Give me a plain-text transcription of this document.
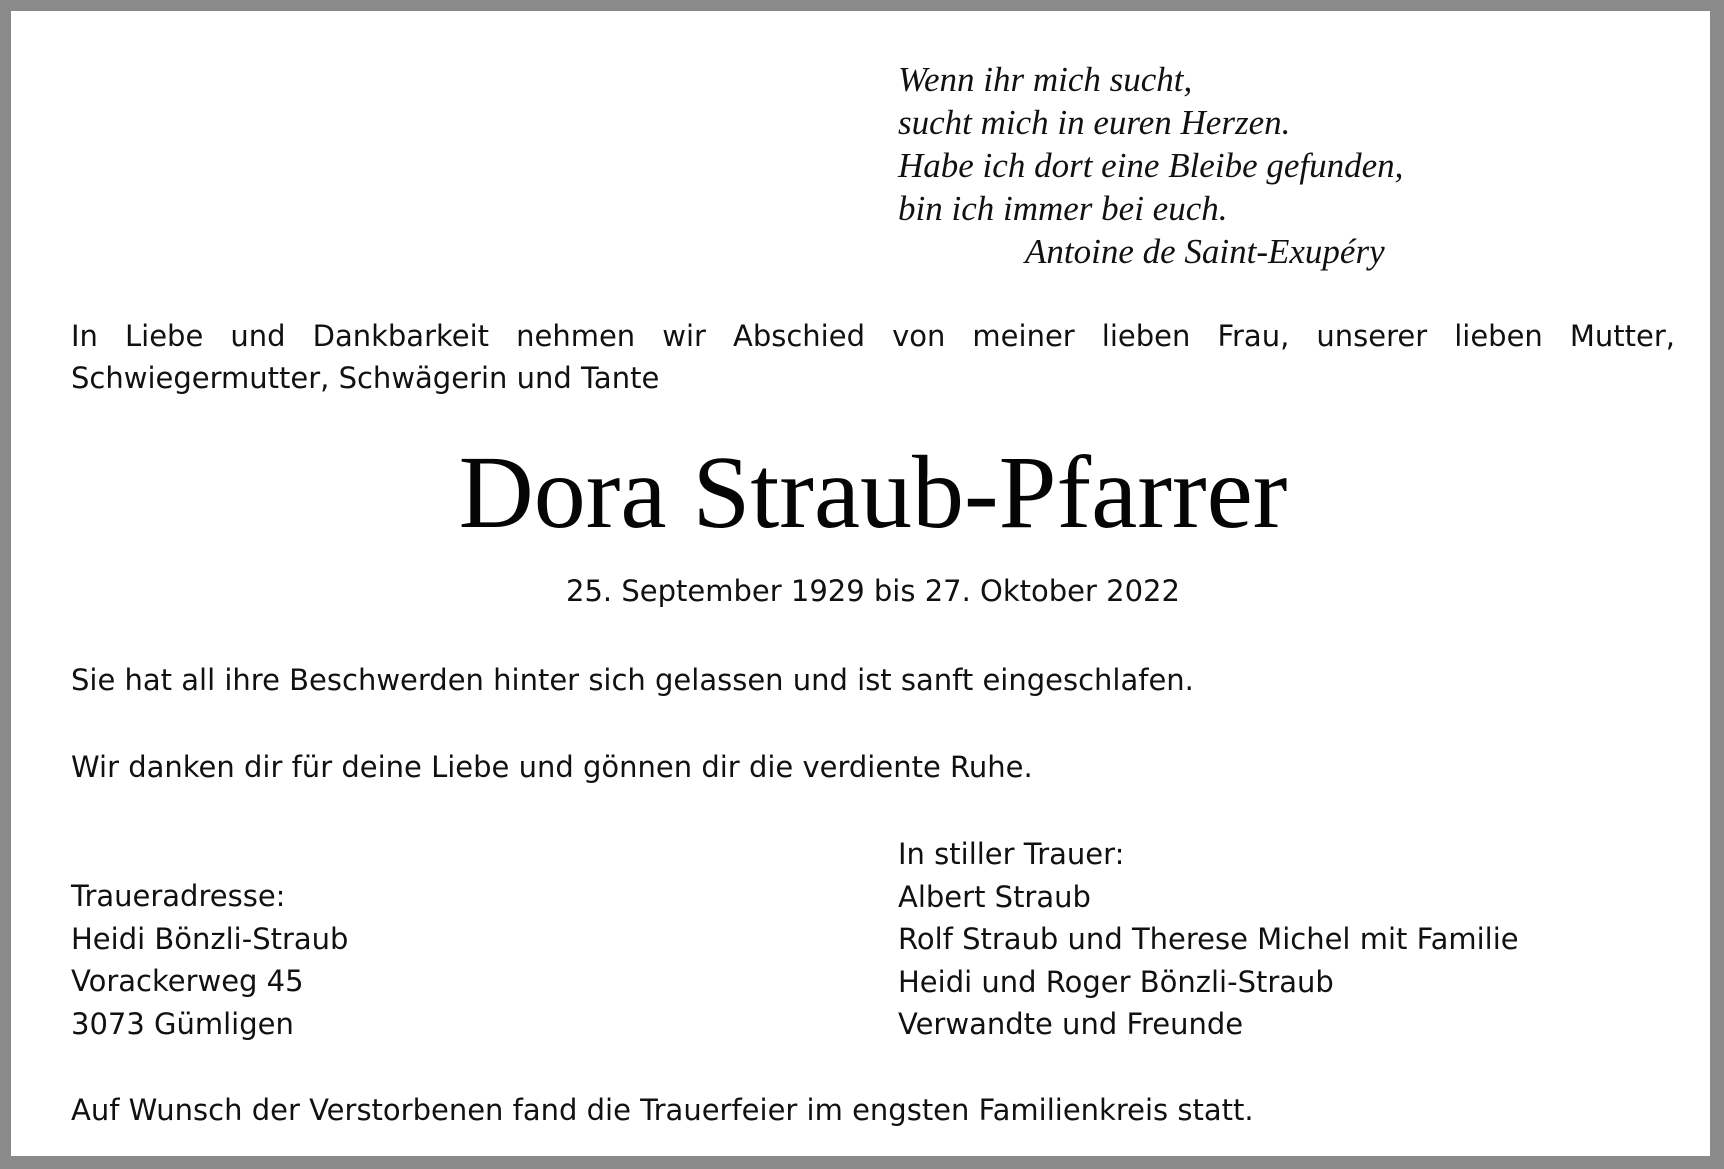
Wenn ihr mich sucht,
sucht mich in euren Herzen.
Habe ich dort eine Bleibe gefunden,
bin ich immer bei euch.
Antoine de Saint-Exupéry
In Liebe und Dankbarkeit nehmen wir Abschied von meiner lieben Frau, unserer lieben Mutter, Schwiegermutter, Schwägerin und Tante
Dora Straub-Pfarrer
25. September 1929 bis 27. Oktober 2022
Sie hat all ihre Beschwerden hinter sich gelassen und ist sanft eingeschlafen.
Wir danken dir für deine Liebe und gönnen dir die verdiente Ruhe.
Traueradresse:
Heidi Bönzli-Straub
Vorackerweg 45
3073 Gümligen
In stiller Trauer:
Albert Straub
Rolf Straub und Therese Michel mit Familie
Heidi und Roger Bönzli-Straub
Verwandte und Freunde
Auf Wunsch der Verstorbenen fand die Trauerfeier im engsten Familienkreis statt.
